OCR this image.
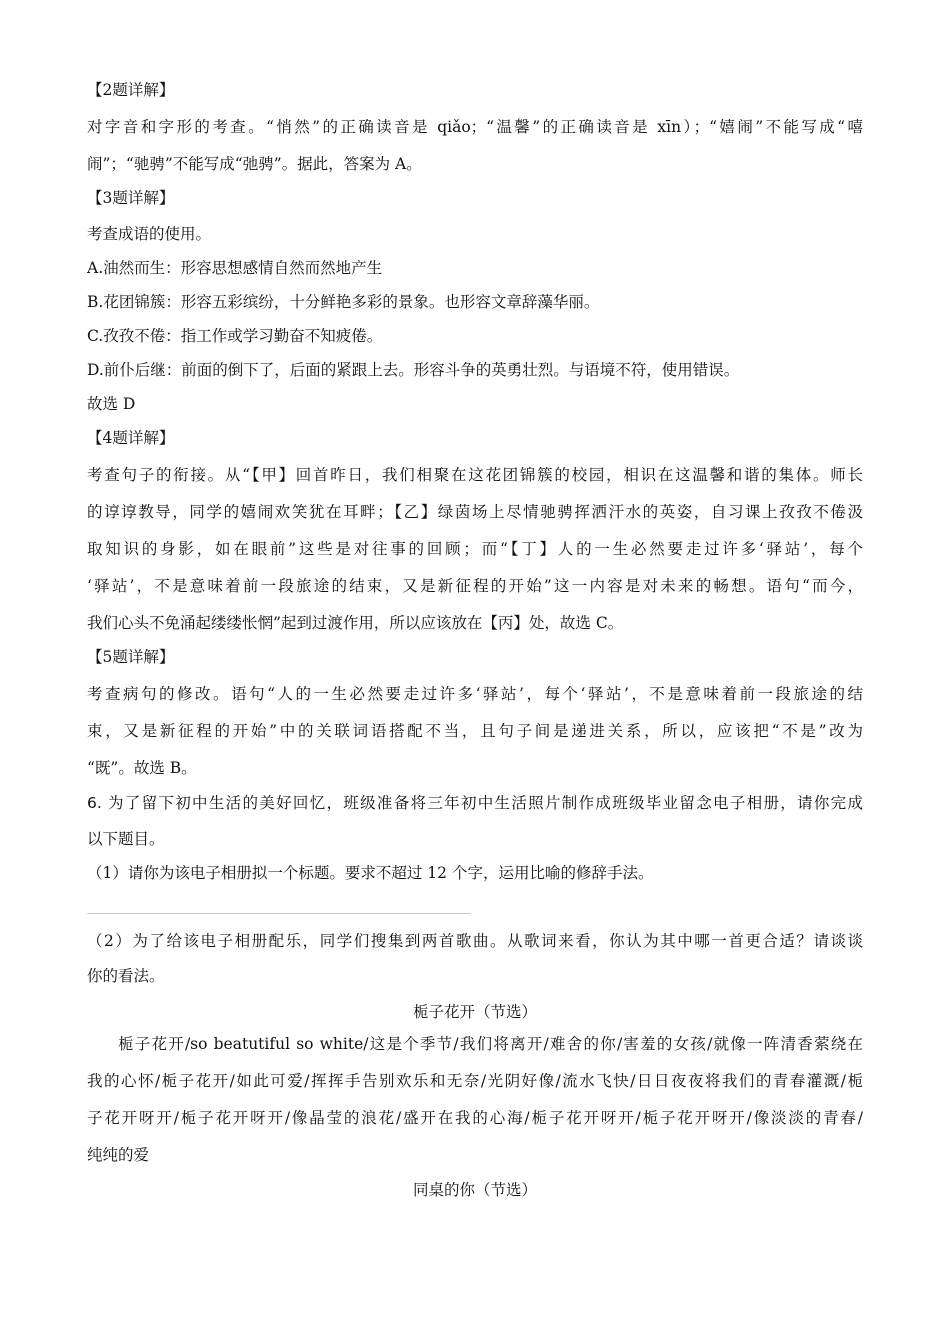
【2题详解】
对字音和字形的考查。“悄然”的正确读音是 qiǎo；“温馨”的正确读音是 xīn）；“嬉闹”不能写成“嘻
闹”；“驰骋”不能写成“弛骋”。据此，答案为 A。
【3题详解】
考查成语的使用。
A.油然而生：形容思想感情自然而然地产生
B.花团锦簇：形容五彩缤纷，十分鲜艳多彩的景象。也形容文章辞藻华丽。
C.孜孜不倦：指工作或学习勤奋不知疲倦。
D.前仆后继：前面的倒下了，后面的紧跟上去。形容斗争的英勇壮烈。与语境不符，使用错误。
故选 D
【4题详解】
考查句子的衔接。从“【甲】回首昨日，我们相聚在这花团锦簇的校园，相识在这温馨和谐的集体。师长
的谆谆教导，同学的嬉闹欢笑犹在耳畔；【乙】绿茵场上尽情驰骋挥洒汗水的英姿，自习课上孜孜不倦汲
取知识的身影，如在眼前”这些是对往事的回顾；而“【丁】人的一生必然要走过许多‘驿站’，每个
‘驿站’，不是意味着前一段旅途的结束，又是新征程的开始”这一内容是对未来的畅想。语句“而今，
我们心头不免涌起缕缕怅惘”起到过渡作用，所以应该放在【丙】处，故选 C。
【5题详解】
考查病句的修改。语句“人的一生必然要走过许多‘驿站’，每个‘驿站’，不是意味着前一段旅途的结
束，又是新征程的开始”中的关联词语搭配不当，且句子间是递进关系，所以，应该把“不是”改为
“既”。故选 B。
6. 为了留下初中生活的美好回忆，班级准备将三年初中生活照片制作成班级毕业留念电子相册，请你完成
以下题目。
（1）请你为该电子相册拟一个标题。要求不超过 12 个字，运用比喻的修辞手法。
（2）为了给该电子相册配乐，同学们搜集到两首歌曲。从歌词来看，你认为其中哪一首更合适？请谈谈
你的看法。
栀子花开（节选）
栀子花开/so beatutiful so white/这是个季节/我们将离开/难舍的你/害羞的女孩/就像一阵清香萦绕在
我的心怀/栀子花开/如此可爱/挥挥手告别欢乐和无奈/光阴好像/流水飞快/日日夜夜将我们的青春灌溉/栀
子花开呀开/栀子花开呀开/像晶莹的浪花/盛开在我的心海/栀子花开呀开/栀子花开呀开/像淡淡的青春/
纯纯的爱
同桌的你（节选）
